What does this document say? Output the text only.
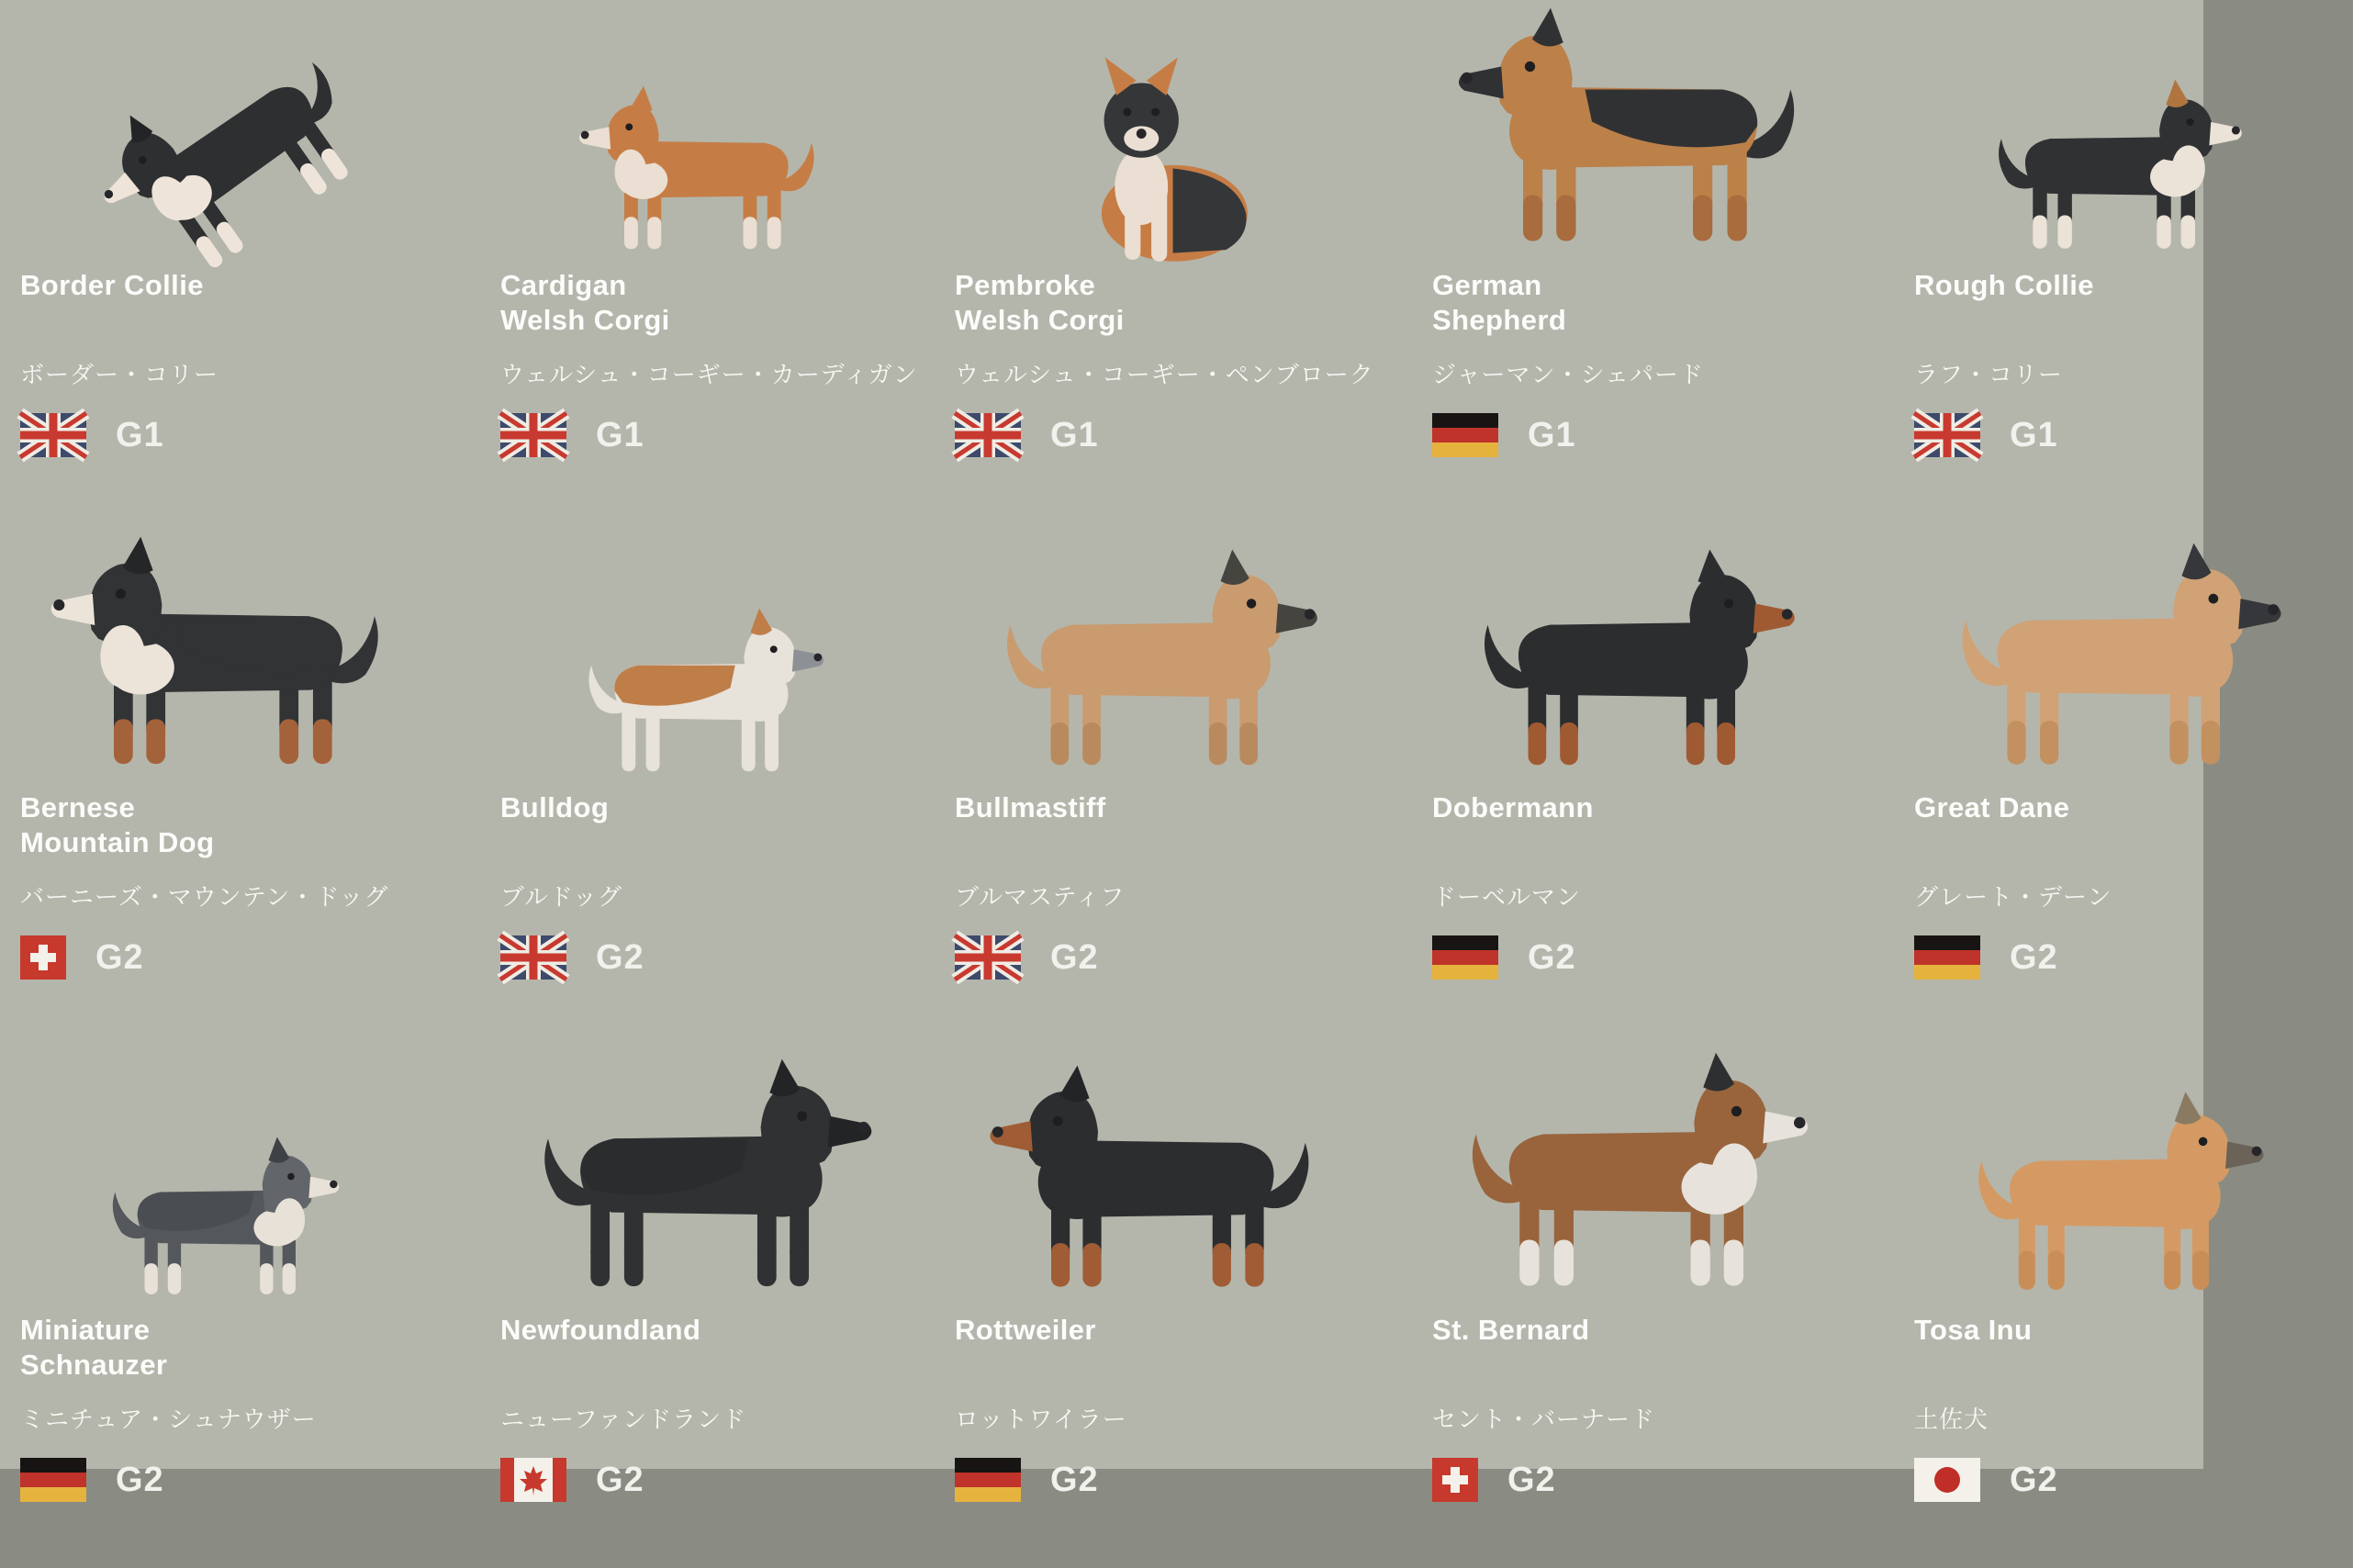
Border Collie
ボーダー・コリー
G1
Cardigan
Welsh Corgi
ウェルシュ・コーギー・カーディガン
G1
Pembroke
Welsh Corgi
ウェルシュ・コーギー・ペンブローク
G1
German
Shepherd
ジャーマン・シェパード
G1
Rough Collie
ラフ・コリー
G1
Bernese
Mountain Dog
バーニーズ・マウンテン・ドッグ
G2
Bulldog
ブルドッグ
G2
Bullmastiff
ブルマスティフ
G2
Dobermann
ドーベルマン
G2
Great Dane
グレート・デーン
G2
Miniature
Schnauzer
ミニチュア・シュナウザー
G2
Newfoundland
ニューファンドランド
G2
Rottweiler
ロットワイラー
G2
St. Bernard
セント・バーナード
G2
Tosa Inu
土佐犬
G2
